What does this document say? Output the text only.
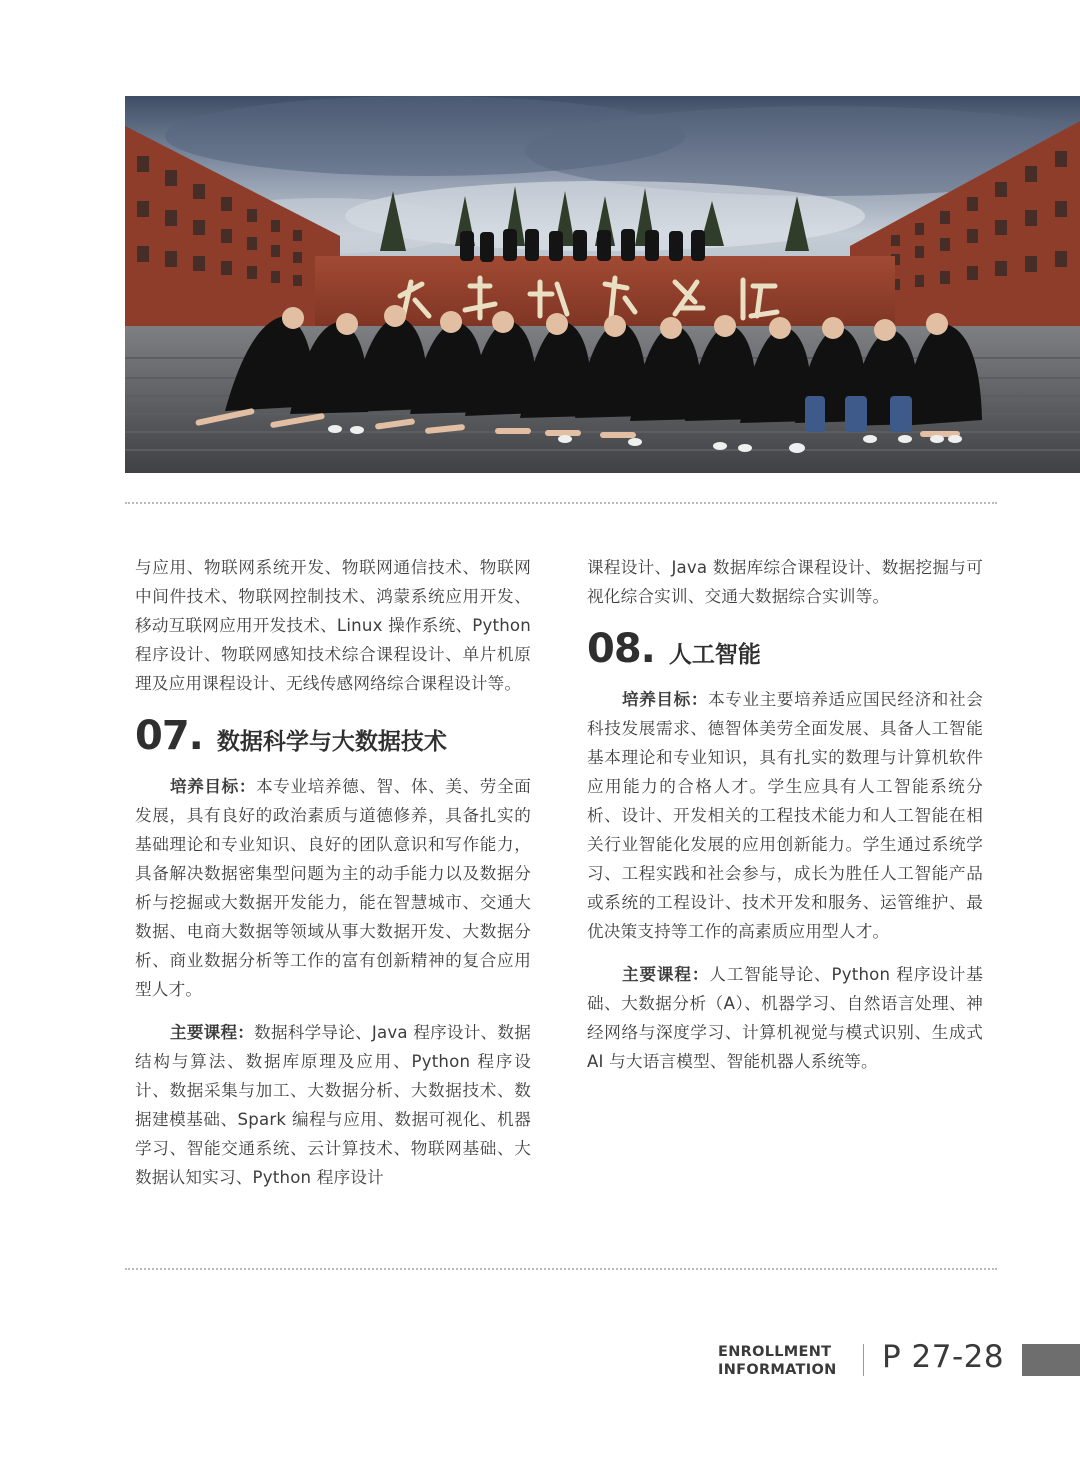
与应用、物联网系统开发、物联网通信技术、物联网中间件技术、物联网控制技术、鸿蒙系统应用开发、移动互联网应用开发技术、Linux 操作系统、Python 程序设计、物联网感知技术综合课程设计、单片机原理及应用课程设计、无线传感网络综合课程设计等。

07. 数据科学与大数据技术

培养目标：本专业培养德、智、体、美、劳全面发展，具有良好的政治素质与道德修养，具备扎实的基础理论和专业知识、良好的团队意识和写作能力，具备解决数据密集型问题为主的动手能力以及数据分析与挖掘或大数据开发能力，能在智慧城市、交通大数据、电商大数据等领域从事大数据开发、大数据分析、商业数据分析等工作的富有创新精神的复合应用型人才。

主要课程：数据科学导论、Java 程序设计、数据结构与算法、数据库原理及应用、Python 程序设计、数据采集与加工、大数据分析、大数据技术、数据建模基础、Spark 编程与应用、数据可视化、机器学习、智能交通系统、云计算技术、物联网基础、大数据认知实习、Python 程序设计

课程设计、Java 数据库综合课程设计、数据挖掘与可视化综合实训、交通大数据综合实训等。

08. 人工智能

培养目标：本专业主要培养适应国民经济和社会科技发展需求、德智体美劳全面发展、具备人工智能基本理论和专业知识，具有扎实的数理与计算机软件应用能力的合格人才。学生应具有人工智能系统分析、设计、开发相关的工程技术能力和人工智能在相关行业智能化发展的应用创新能力。学生通过系统学习、工程实践和社会参与，成长为胜任人工智能产品或系统的工程设计、技术开发和服务、运管维护、最优决策支持等工作的高素质应用型人才。

主要课程：人工智能导论、Python 程序设计基础、大数据分析（A）、机器学习、自然语言处理、神经网络与深度学习、计算机视觉与模式识别、生成式 AI 与大语言模型、智能机器人系统等。

ENROLLMENT
INFORMATION P 27-28
